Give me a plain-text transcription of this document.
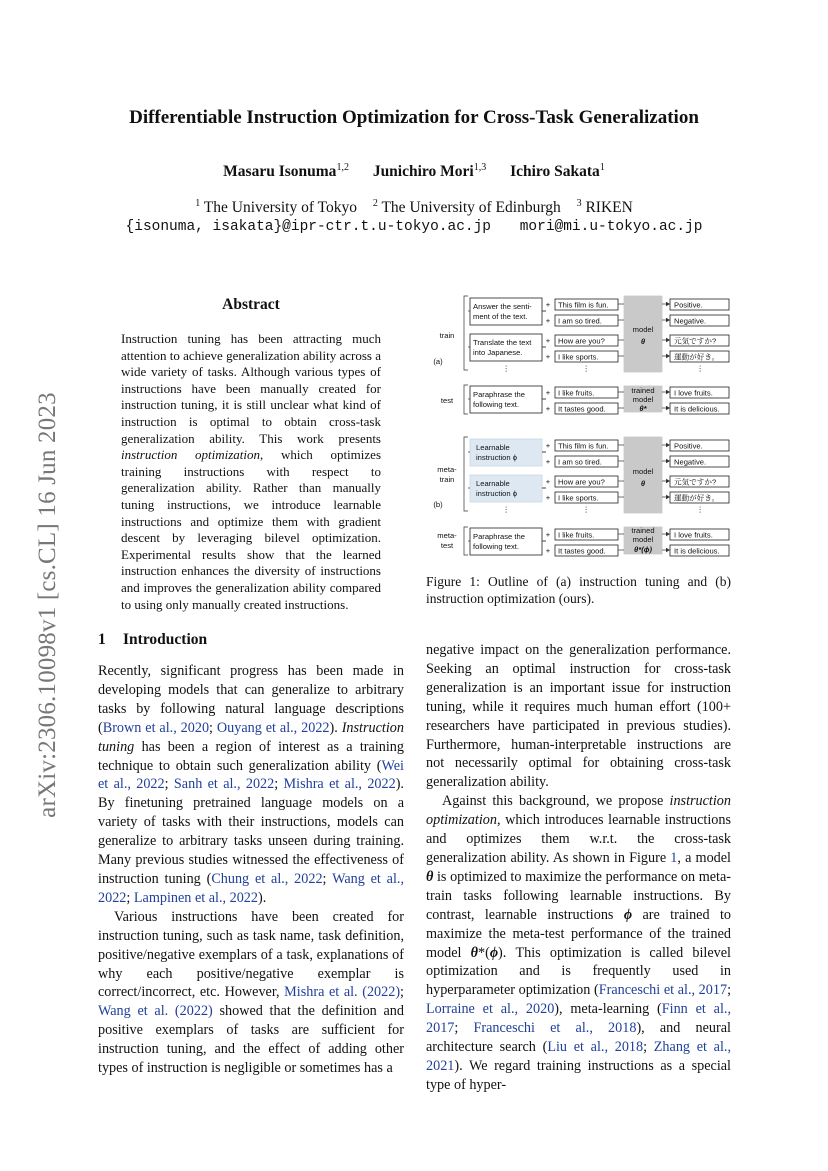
Differentiable Instruction Optimization for Cross-Task Generalization
Masaru Isonuma$^{1,2}$ Junichiro Mori$^{1,3}$ Ichiro Sakata$^1$
$^1$ The University of Tokyo $^2$ The University of Edinburgh $^3$ RIKEN
{isonuma, isakata}@ipr-ctr.t.u-tokyo.ac.jp mori@mi.u-tokyo.ac.jp
arXiv:2306.10098v1 [cs.CL] 16 Jun 2023
Abstract
Instruction tuning has been attracting much attention to achieve generalization ability across a wide variety of tasks. Although various types of instructions have been manually created for instruction tuning, it is still unclear what kind of instruction is optimal to obtain cross-task generalization ability. This work presents instruction optimization, which optimizes training instructions with respect to generalization ability. Rather than manually tuning instructions, we introduce learnable instructions and optimize them with gradient descent by leveraging bilevel optimization. Experimental results show that the learned instruction enhances the diversity of instructions and improves the generalization ability compared to using only manually created instructions.
1 Introduction

Recently, significant progress has been made in developing models that can generalize to arbitrary tasks by following natural language descriptions (Brown et al., 2020; Ouyang et al., 2022). Instruction tuning has been a region of interest as a training technique to obtain such generalization ability (Wei et al., 2022; Sanh et al., 2022; Mishra et al., 2022). By finetuning pretrained language models on a variety of tasks with their instructions, models can generalize to arbitrary tasks unseen during training. Many previous studies witnessed the effectiveness of instruction tuning (Chung et al., 2022; Wang et al., 2022; Lampinen et al., 2022).

Various instructions have been created for instruction tuning, such as task name, task definition, positive/negative exemplars of a task, explanations of why each positive/negative exemplar is correct/incorrect, etc. However, Mishra et al. (2022); Wang et al. (2022) showed that the definition and positive exemplars of tasks are sufficient for instruction tuning, and the effect of adding other types of instruction is negligible or sometimes has a

negative impact on the generalization performance. Seeking an optimal instruction for cross-task generalization is an important issue for instruction tuning, while it requires much human effort (100+ researchers have participated in previous studies). Furthermore, human-interpretable instructions are not necessarily optimal for obtaining cross-task generalization ability.

Against this background, we propose instruction optimization, which introduces learnable instructions and optimizes them w.r.t. the cross-task generalization ability. As shown in Figure 1, a model θ is optimized to maximize the performance on meta-train tasks following learnable instructions. By contrast, learnable instructions ϕ are trained to maximize the meta-test performance of the trained model θ*(ϕ). This optimization is called bilevel optimization and is frequently used in hyperparameter optimization (Franceschi et al., 2017; Lorraine et al., 2020), meta-learning (Finn et al., 2017; Franceschi et al., 2018), and neural architecture search (Liu et al., 2018; Zhang et al., 2021). We regard training instructions as a special type of hyper-

model
θ
trained
model
θ*
model
θ
trained
model
θ*(ϕ)
Answer the senti-
ment of the text.
+ This film is fun.	Positive.
+ I am so tired.	Negative.
Translate the text
into Japanese.
+ How are you?	元気ですか?
+ I like sports.	運動が好き。
⋮	⋮	⋮
train
(a)
Paraphrase the
following text.
+ I like fruits.	I love fruits.
+ It tastes good.	It is delicious.
test
Learnable
instruction ϕ
+ This film is fun.	Positive.
+ I am so tired.	Negative.
Learnable
instruction ϕ
+ How are you?	元気ですか?
+ I like sports.	運動が好き。
⋮	⋮	⋮
meta-
train
(b)
Paraphrase the
following text.
+ I like fruits.	I love fruits.
+ It tastes good.	It is delicious.
meta-
test
Figure 1: Outline of (a) instruction tuning and (b) instruction optimization (ours).
